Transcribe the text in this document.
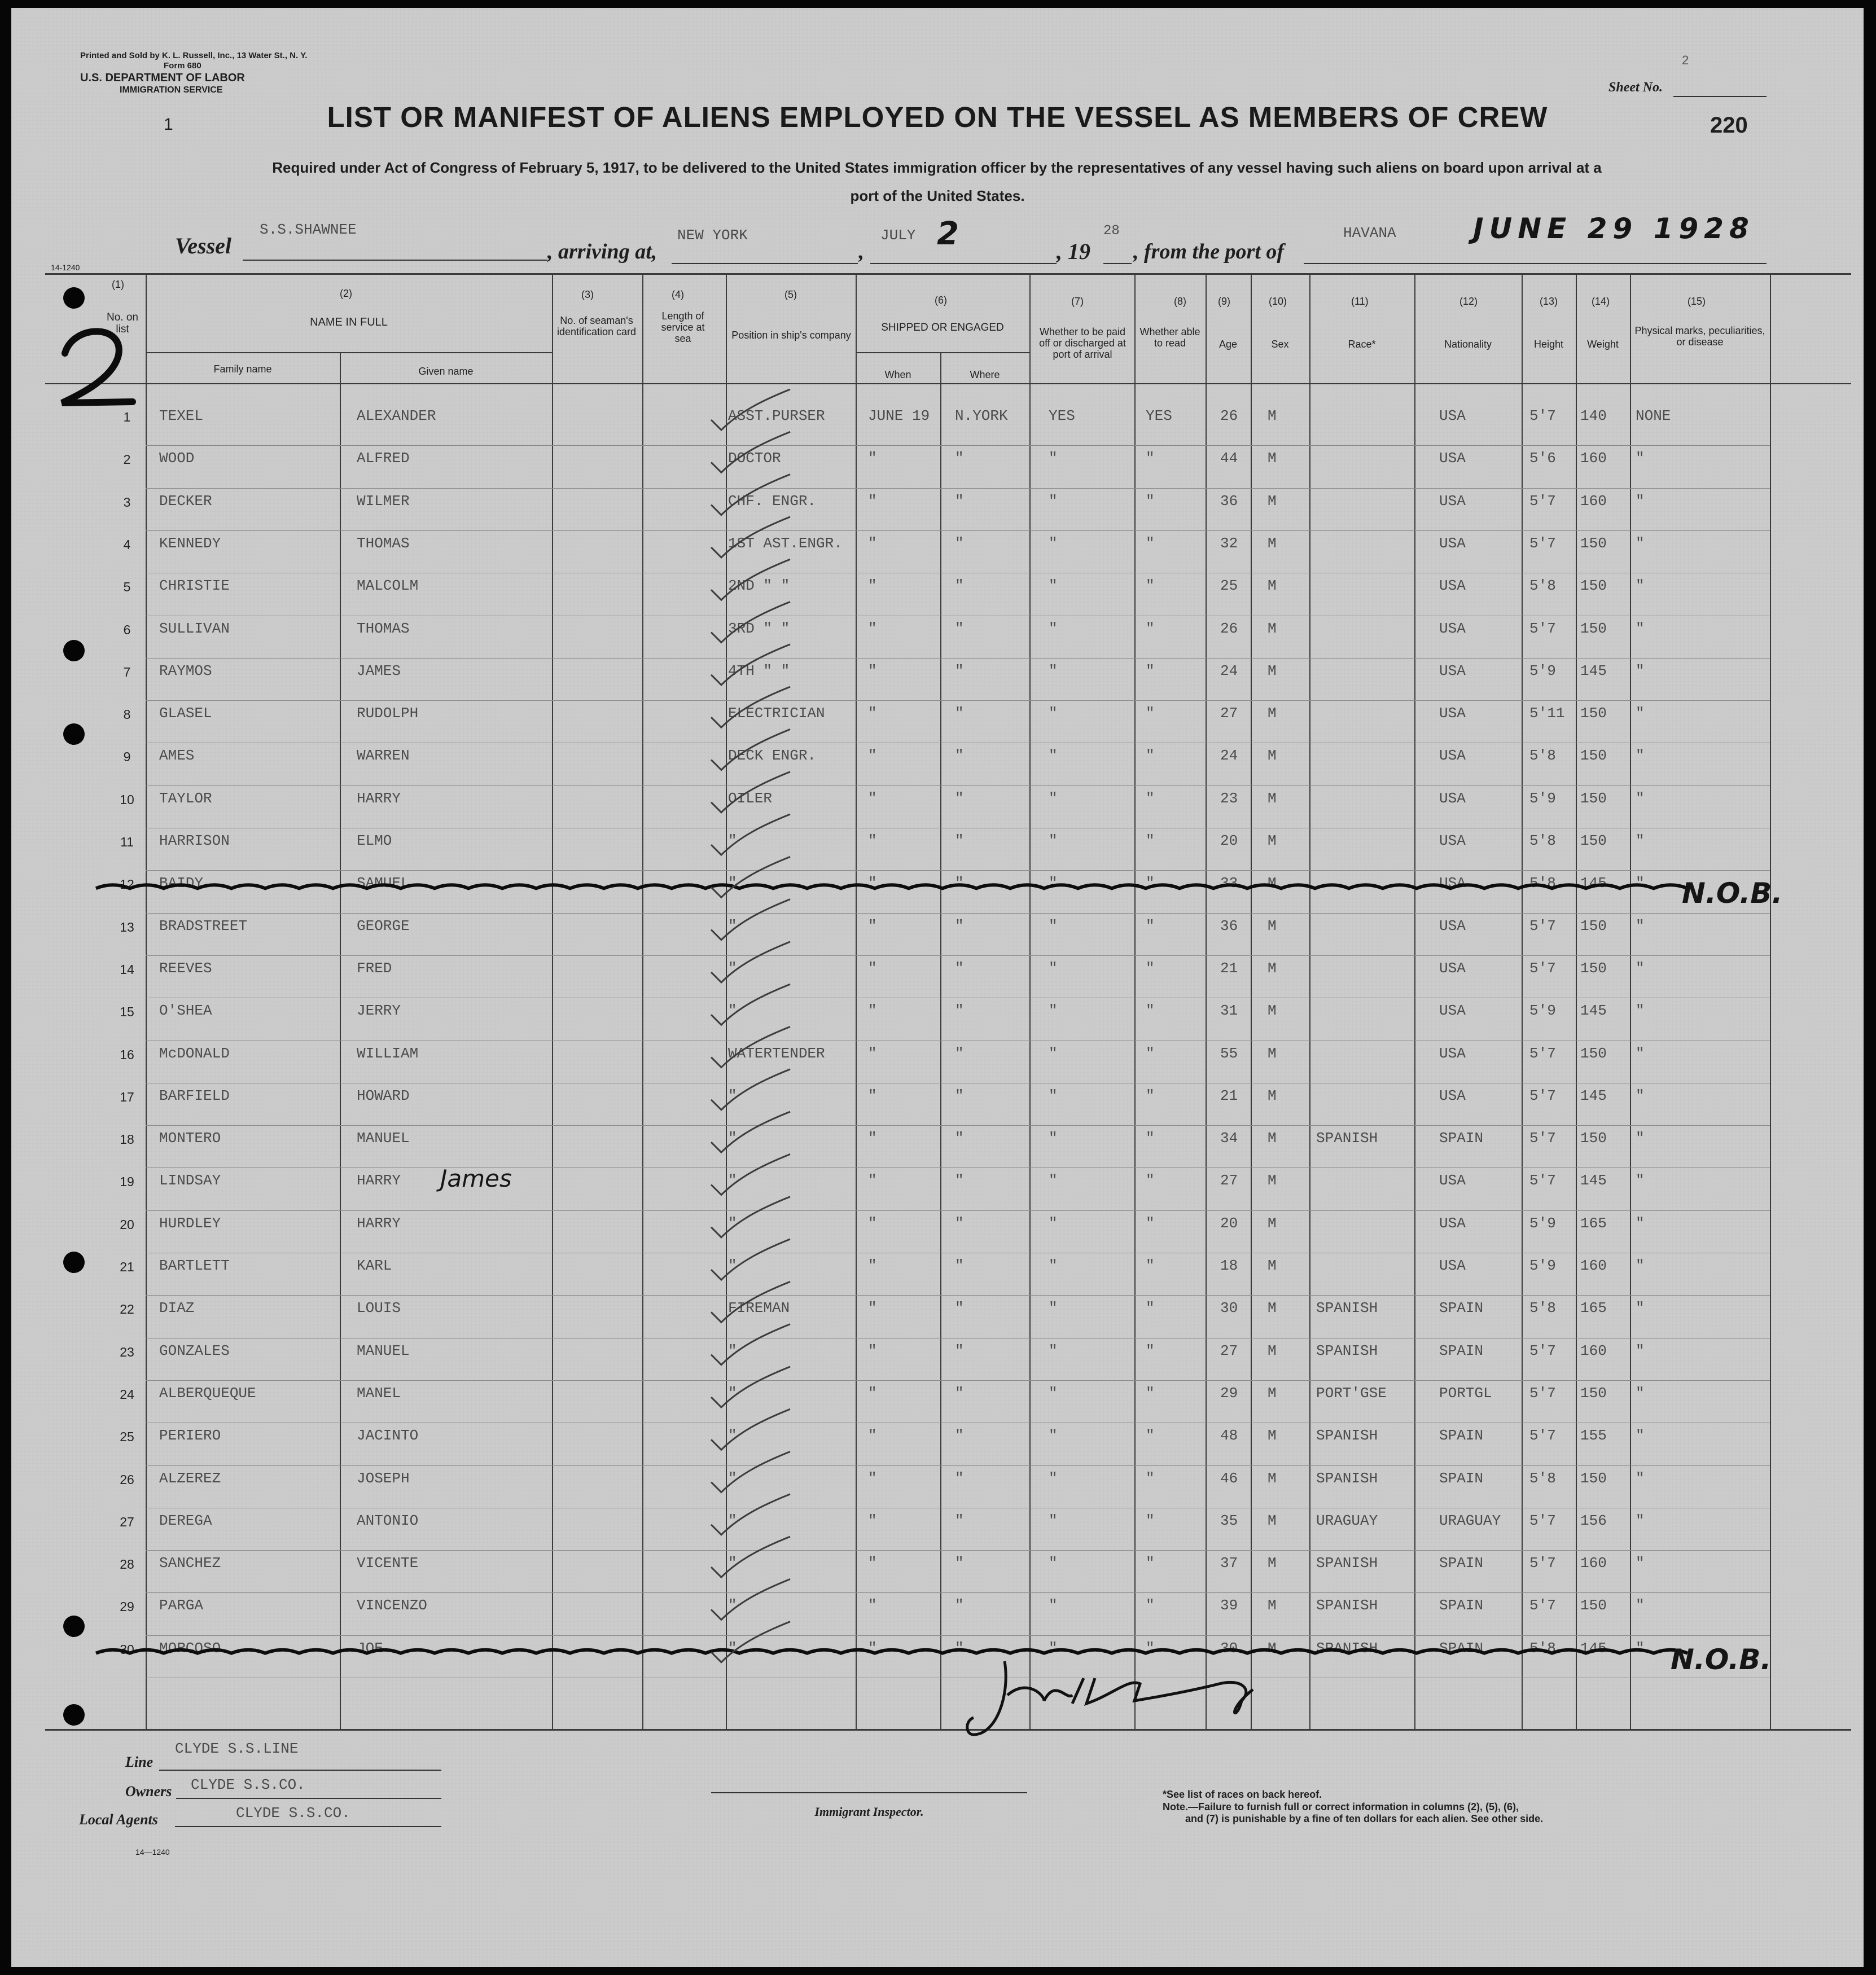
Printed and Sold by K. L. Russell, Inc., 13 Water St., N. Y.
Form 680
U.S. DEPARTMENT OF LABOR
IMMIGRATION SERVICE
1
2
Sheet No.
220
LIST OR MANIFEST OF ALIENS EMPLOYED ON THE VESSEL AS MEMBERS OF CREW
Required under Act of Congress of February 5, 1917, to be delivered to the United States immigration officer by the representatives of any vessel having such aliens on board upon arrival at a
port of the United States.
Vessel
S.S.SHAWNEE
, arriving at,
NEW YORK
,
JULY 2	, 19
28
, from the port of
HAVANA	JUNE 29 1928
14-1240
(1)
No. on list
(2)
NAME IN FULL
Family name	Given name
(3)
No. of seaman's identification card
(4)
Length of service at sea
(5)
Position in ship's company
(6)
SHIPPED OR ENGAGED
When	Where
(7)
Whether to be paid off or discharged at port of arrival
(8)
Whether able to read
(9)
Age
(10)
Sex
(11)
Race*
(12)
Nationality
(13)
Height
(14)
Weight
(15)
Physical marks, peculiarities, or disease
1	TEXEL	ALEXANDER	ASST.PURSER	JUNE 19 N.YORK	YES	YES	26 M	USA	5'7 140 NONE
2	WOOD	ALFRED	DOCTOR	"	"	"	"	44 M	USA	5'6 160 "
3	DECKER	WILMER	CHF. ENGR.	"	"	"	"	36 M	USA	5'7 160 "
4	KENNEDY	THOMAS	1ST AST.ENGR. "	"	"	"	32 M	USA	5'7 150 "
5	CHRISTIE	MALCOLM	2ND " "	"	"	"	"	25 M	USA	5'8 150 "
6	SULLIVAN	THOMAS	3RD " "	"	"	"	"	26 M	USA	5'7 150 "
7	RAYMOS	JAMES	4TH " "	"	"	"	"	24 M	USA	5'9 145 "
8	GLASEL	RUDOLPH	ELECTRICIAN	"	"	"	"	27 M	USA	5'11 150 "
9	AMES	WARREN	DECK ENGR.	"	"	"	"	24 M	USA	5'8 150 "
10	TAYLOR	HARRY	OILER	"	"	"	"	23 M	USA	5'9 150 "
11	HARRISON	ELMO	"	"	"	"	"	20 M	USA	5'8 150 "
12	BAIDY	SAMUEL	"	"	"	"	"	33 M	USA	5'8 145 "
13	BRADSTREET	GEORGE	"	"	"	"	"	36 M	USA	5'7 150 "
14	REEVES	FRED	"	"	"	"	"	21 M	USA	5'7 150 "
15	O'SHEA	JERRY	"	"	"	"	"	31 M	USA	5'9 145 "
16	McDONALD	WILLIAM	WATERTENDER	"	"	"	"	55 M	USA	5'7 150 "
17	BARFIELD	HOWARD	"	"	"	"	"	21 M	USA	5'7 145 "
18	MONTERO	MANUEL	"	"	"	"	"	34 M	SPANISH	SPAIN	5'7 150 "
19	LINDSAY	HARRY	"	"	"	"	"	27 M	USA	5'7 145 "
20	HURDLEY	HARRY	"	"	"	"	"	20 M	USA	5'9 165 "
21	BARTLETT	KARL	"	"	"	"	"	18 M	USA	5'9 160 "
22	DIAZ	LOUIS	FIREMAN	"	"	"	"	30 M	SPANISH	SPAIN	5'8 165 "
23	GONZALES	MANUEL	"	"	"	"	"	27 M	SPANISH	SPAIN	5'7 160 "
24	ALBERQUEQUE	MANEL	"	"	"	"	"	29 M	PORT'GSE	PORTGL	5'7 150 "
25	PERIERO	JACINTO	"	"	"	"	"	48 M	SPANISH	SPAIN	5'7 155 "
26	ALZEREZ	JOSEPH	"	"	"	"	"	46 M	SPANISH	SPAIN	5'8 150 "
27	DEREGA	ANTONIO	"	"	"	"	"	35 M	URAGUAY	URAGUAY 5'7 156 "
28	SANCHEZ	VICENTE	"	"	"	"	"	37 M	SPANISH	SPAIN	5'7 160 "
29	PARGA	VINCENZO	"	"	"	"	"	39 M	SPANISH	SPAIN	5'7 150 "
30	MORCOSO	JOE	"	"	"	"	"	30 M	SPANISH	SPAIN	5'8 145 "
N.O.B.
N.O.B.
James
Line
CLYDE S.S.LINE
Owners CLYDE S.S.CO.
Local Agents	CLYDE S.S.CO.
14—1240
Immigrant Inspector.
*See list of races on back hereof.
Note.—Failure to furnish full or correct information in columns (2), (5), (6),
and (7) is punishable by a fine of ten dollars for each alien. See other side.
